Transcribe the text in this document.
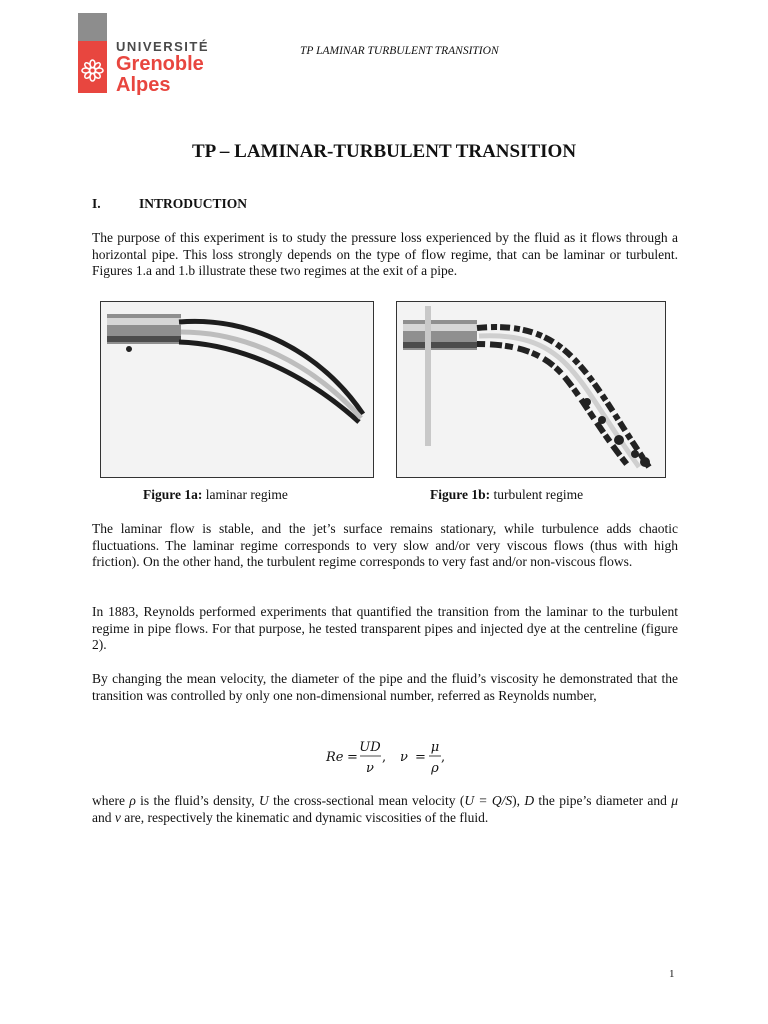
UNIVERSITÉ
Grenoble
Alpes
TP LAMINAR TURBULENT TRANSITION
TP – LAMINAR-TURBULENT TRANSITION
I.	INTRODUCTION

The purpose of this experiment is to study the pressure loss experienced by the fluid as it flows through a horizontal pipe. This loss strongly depends on the type of flow regime, that can be laminar or turbulent. Figures 1.a and 1.b illustrate these two regimes at the exit of a pipe.

Figure 1a: laminar regime	Figure 1b: turbulent regime

The laminar flow is stable, and the jet’s surface remains stationary, while turbulence adds chaotic fluctuations. The laminar regime corresponds to very slow and/or very viscous flows (thus with high friction). On the other hand, the turbulent regime corresponds to very fast and/or non-viscous flows.

In 1883, Reynolds performed experiments that quantified the transition from the laminar to the turbulent regime in pipe flows. For that purpose, he tested transparent pipes and injected dye at the centreline (figure 2).

By changing the mean velocity, the diameter of the pipe and the fluid’s viscosity he demonstrated that the transition was controlled by only one non-dimensional number, referred as Reynolds number,

Re =
UD
ν
, ν =
μ
ρ
,

where ρ is the fluid’s density, U the cross-sectional mean velocity (U = Q/S), D the pipe’s diameter and μ and ν are, respectively the kinematic and dynamic viscosities of the fluid.

1
